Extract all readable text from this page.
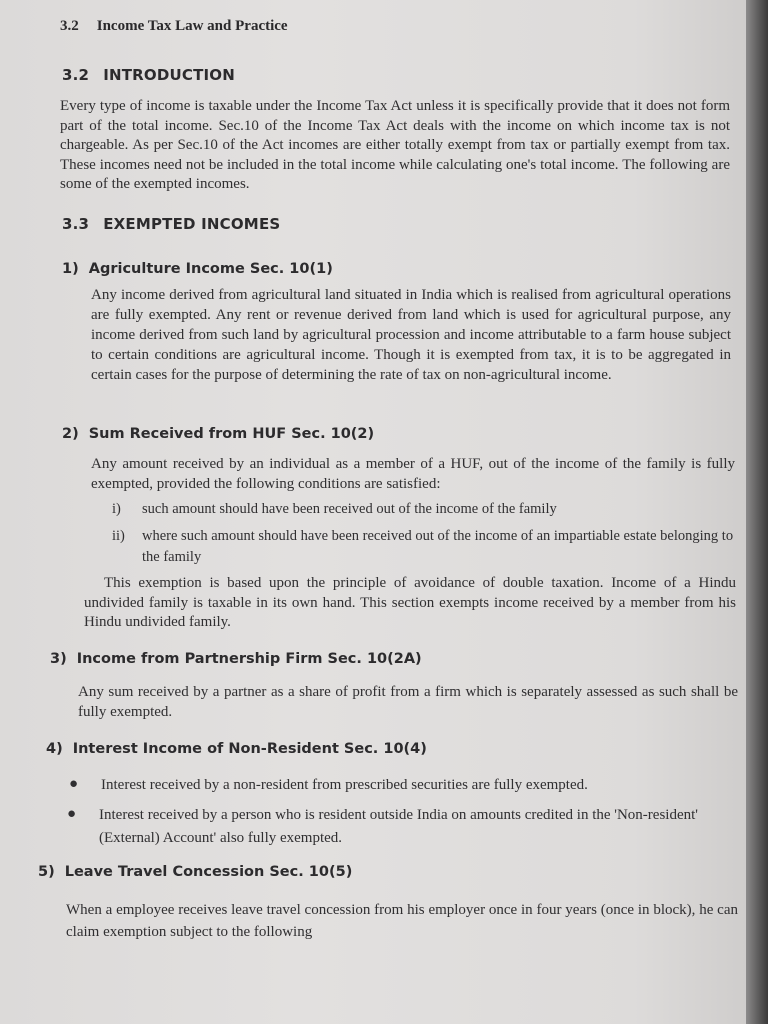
3.2 Income Tax Law and Practice
3.2 INTRODUCTION
Every type of income is taxable under the Income Tax Act unless it is specifically provide that it does not form part of the total income. Sec.10 of the Income Tax Act deals with the income on which income tax is not chargeable. As per Sec.10 of the Act incomes are either totally exempt from tax or partially exempt from tax. These incomes need not be included in the total income while calculating one's total income. The following are some of the exempted incomes.
3.3 EXEMPTED INCOMES
1) Agriculture Income Sec. 10(1)
Any income derived from agricultural land situated in India which is realised from agricultural operations are fully exempted. Any rent or revenue derived from land which is used for agricultural purpose, any income derived from such land by agricultural procession and income attributable to a farm house subject to certain conditions are agricultural income. Though it is exempted from tax, it is to be aggregated in certain cases for the purpose of determining the rate of tax on non-agricultural income.
2) Sum Received from HUF Sec. 10(2)
Any amount received by an individual as a member of a HUF, out of the income of the family is fully exempted, provided the following conditions are satisfied:
i) such amount should have been received out of the income of the family
ii) where such amount should have been received out of the income of an impartiable estate belonging to the family
This exemption is based upon the principle of avoidance of double taxation. Income of a Hindu undivided family is taxable in its own hand. This section exempts income received by a member from his Hindu undivided family.
3) Income from Partnership Firm Sec. 10(2A)
Any sum received by a partner as a share of profit from a firm which is separately assessed as such shall be fully exempted.
4) Interest Income of Non-Resident Sec. 10(4)
● Interest received by a non-resident from prescribed securities are fully exempted.
● Interest received by a person who is resident outside India on amounts credited in the 'Non-resident' (External) Account' also fully exempted.
5) Leave Travel Concession Sec. 10(5)
When a employee receives leave travel concession from his employer once in four years (once in block), he can claim exemption subject to the following
